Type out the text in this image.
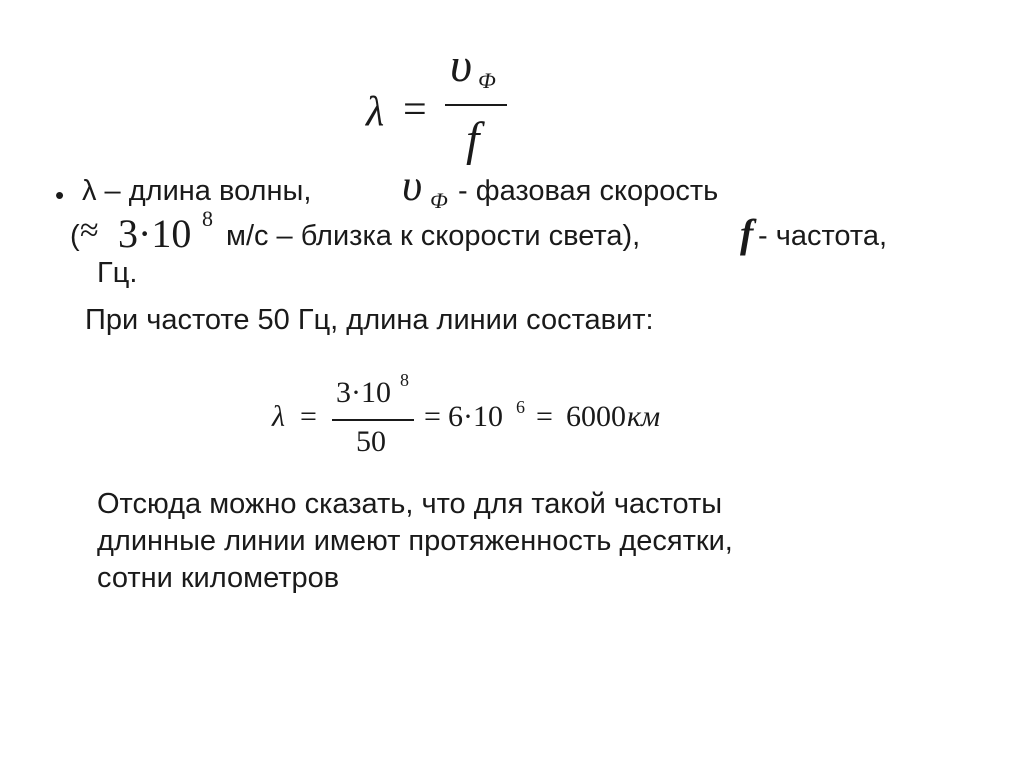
λ =
υ Ф
f
• λ – длина волны, υ Ф - фазовая скорость
( ≈ 3·10 8
м/с – близка к скорости света), f - частота,
Гц.
При частоте 50 Гц, длина линии составит:
λ =
3·10 8
50
= 6·10 6 = 6000 км
Отсюда можно сказать, что для такой частоты
длинные линии имеют протяженность десятки,
сотни километров
